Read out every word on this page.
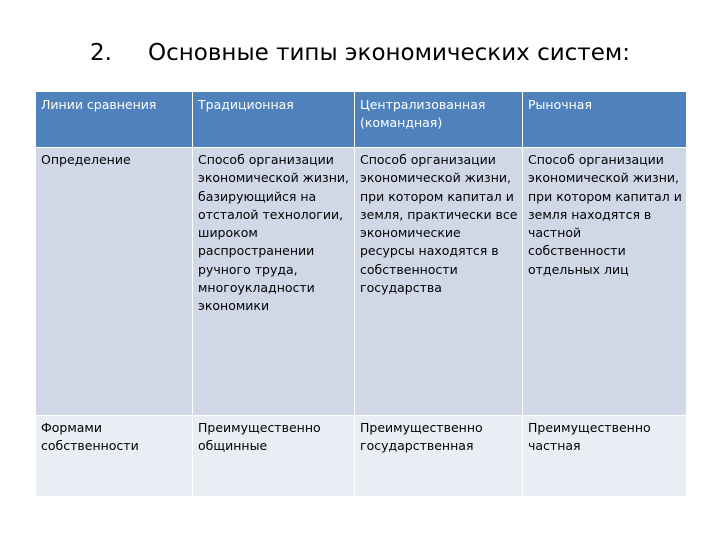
2.	Основные типы экономических систем:
Линии сравнения	Традиционная	Централизованная (командная)	Рыночная
Определение	Способ организации экономической жизни, базирующийся на отсталой технологии, широком распространении ручного труда, многоукладности экономики	Способ организации экономической жизни, при котором капитал и земля, практически все экономические ресурсы находятся в собственности государства	Способ организации экономической жизни, при котором капитал и земля находятся в частной собственности отдельных лиц
Формами собственности	Преимущественно общинные	Преимущественно государственная	Преимущественно частная
